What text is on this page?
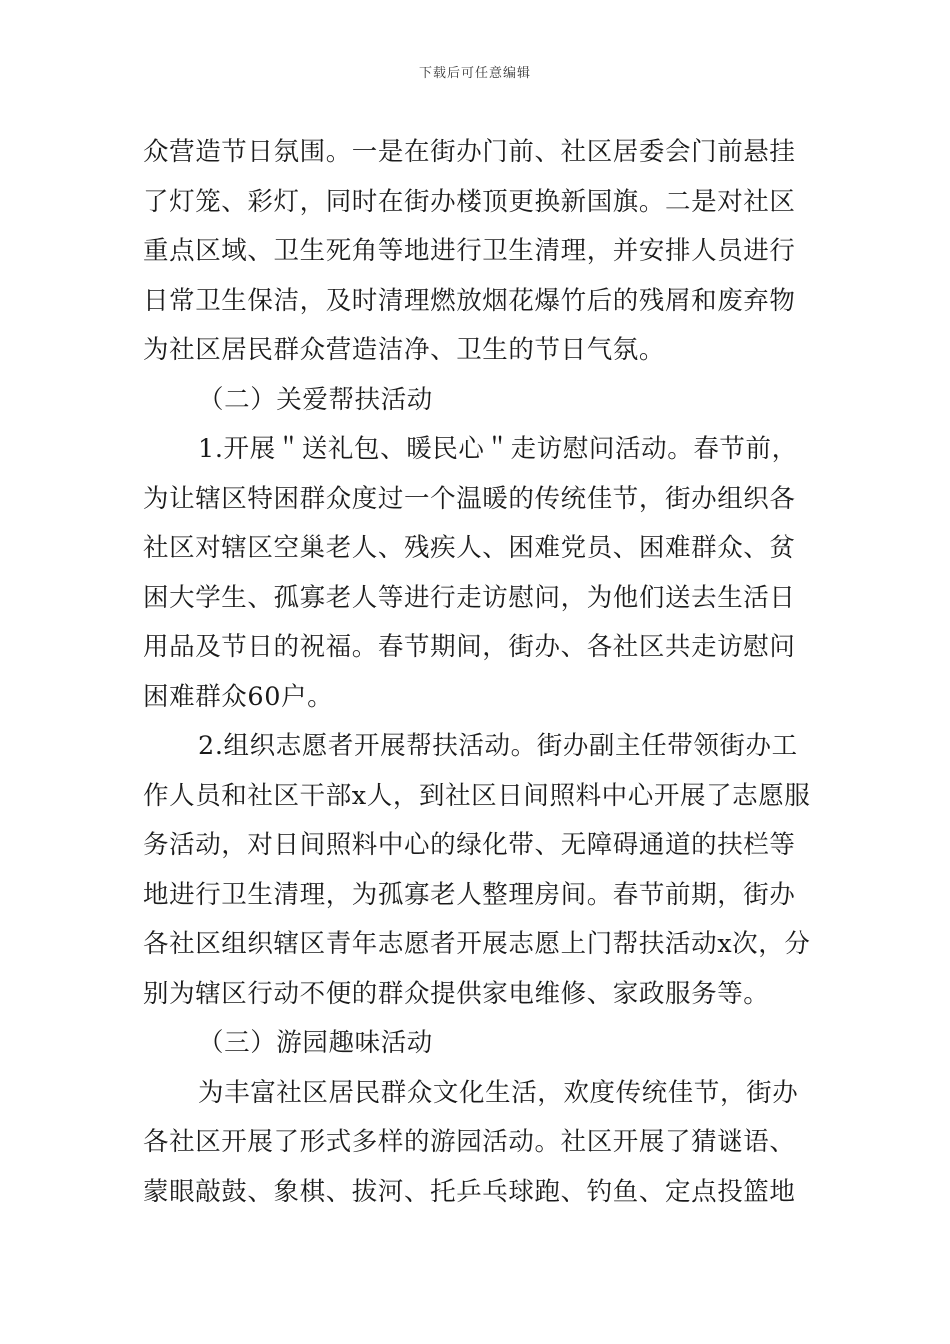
下载后可任意编辑
众营造节日氛围。一是在街办门前、社区居委会门前悬挂
了灯笼、彩灯，同时在街办楼顶更换新国旗。二是对社区
重点区域、卫生死角等地进行卫生清理，并安排人员进行
日常卫生保洁，及时清理燃放烟花爆竹后的残屑和废弃物
为社区居民群众营造洁净、卫生的节日气氛。
（二）关爱帮扶活动
1.开展＂送礼包、暖民心＂走访慰问活动。春节前，
为让辖区特困群众度过一个温暖的传统佳节，街办组织各
社区对辖区空巢老人、残疾人、困难党员、困难群众、贫
困大学生、孤寡老人等进行走访慰问，为他们送去生活日
用品及节日的祝福。春节期间，街办、各社区共走访慰问
困难群众60户。
2.组织志愿者开展帮扶活动。街办副主任带领街办工
作人员和社区干部x人，到社区日间照料中心开展了志愿服
务活动，对日间照料中心的绿化带、无障碍通道的扶栏等
地进行卫生清理，为孤寡老人整理房间。春节前期，街办
各社区组织辖区青年志愿者开展志愿上门帮扶活动x次，分
别为辖区行动不便的群众提供家电维修、家政服务等。
（三）游园趣味活动
为丰富社区居民群众文化生活，欢度传统佳节，街办
各社区开展了形式多样的游园活动。社区开展了猜谜语、
蒙眼敲鼓、象棋、拔河、托乒乓球跑、钓鱼、定点投篮地
